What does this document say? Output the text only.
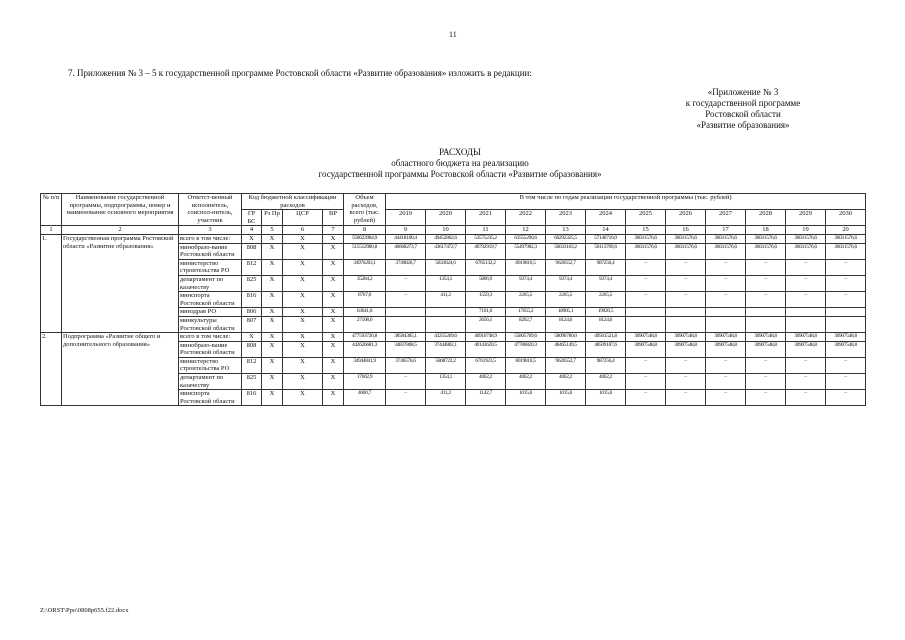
11
7. Приложения № 3 – 5 к государственной программе Ростовской области «Развитие образования» изложить в редакции:
«Приложение № 3
к государственной программе
Ростовской области
«Развитие образования»
РАСХОДЫ
областного бюджета на реализацию
государственной программы Ростовской области «Развитие образования»
№ п/п	Наименование государственной программы, подпрограммы, номер и наименование основного мероприятия	Ответст-венный исполнитель, соиспол-нитель, участник	Код бюджетной классификации расходов				Объем расходов, всего (тыс. рублей)	В том числе по годам реализации государственной программы (тыс. рублей)											
			ГР БС	Рз Пр	ЦСР	ВР		2019	2020	2021	2022	2023	2024	2025	2026	2027	2028	2029	2030

1	2	3	4	5	6	7	8	9	10	11	12	13	14	15	16	17	18	19	20
1.	Государственная программа Ростовской области «Развитие образования»	всего в том числе:	X	X	X	X	550623984,9	44418100,4	49452862,6	53575235,2	63555290,6	66292325,5	57140710,0	36031576,6	36031576,6	36031576,6	36031576,6	36031576,6	36031576,6
		минобразо-вание Ростовской области	808	X	X	X	515512980,8	40668273,7	43617472,7	46792919,7	55497982,3	56633103,2	56113709,6	36031576,6	36031576,6	36031576,6	36031576,6	36031576,6	36031576,6
		министерство строительства РО	812	X	X	X	34976203,1	3749826,7	5833624,6	6765132,2	8019810,5	9620552,7	987256,4	–	–	–	–	–	–
		департамент по казачеству	825	X	X	X	35284,2	–	1354,1	5806,9	9374,4	9374,4	9374,4	–	–	–	–	–	–
		минспорта Ростовской области	816	X	X	X	8767,0	–	411,2	1559,3	2265,5	2265,5	2265,5	–	–	–	–	–	–
		минздрав РО	806	X	X	X	63641,8			7161,0	17655,2	18905,1	19920,5						
		минкультуры Ростовской области	807	X	X	X	27108,0			2656,1	8202,7	8124,6	8124,6						
2.	Подпрограмма «Развитие общего и дополнительного образования»	всего в том числе:	X	X	X	X	477593726,8	38584385,1	43255269,6	46910748,9	55805709,6	58090780,0	49501521,8	30907548,8	30907548,8	30907548,8	30907548,8	30907548,8	30907548,8
		минобразо-вание Ростовской области	808	X	X	X	442626681,3	34837808,5	37444802,1	40143620,5	47780820,3	48465149,5	48509187,6	30907548,8	30907548,8	30907548,8	30907548,8	30907548,8	30907548,8
		министерство строительства РО	812	X	X	X	34944841,9	3746576,6	5808722,2	6761923,5	8019810,5	9620552,7	987256,4	–	–	–	–	–	–
		департамент по казачеству	825	X	X	X	17602,9	–	1354,1	4062,2	4062,2	4062,2	4062,2	–	–	–	–	–	–
		минспорта Ростовской области	816	X	X	X	4600,7	–	411,2	1142,7	1015,6	1015,6	1015,6	–	–	–	–	–	–
Z:\ORST\Ppo\0808p655.f22.docx
